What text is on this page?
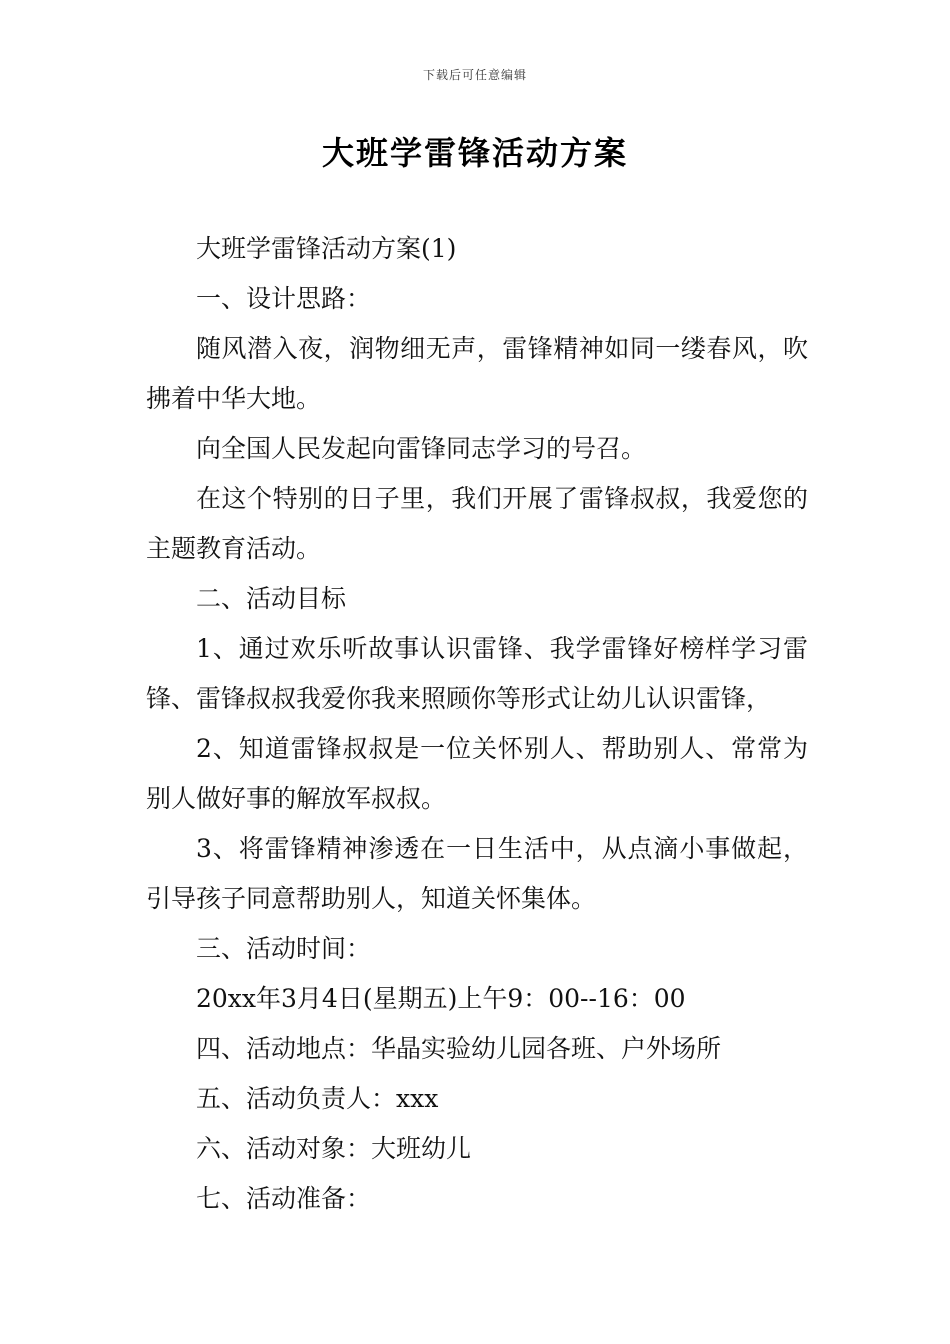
下载后可任意编辑
大班学雷锋活动方案

大班学雷锋活动方案(1)

一、设计思路：

随风潜入夜，润物细无声，雷锋精神如同一缕春风，吹拂着中华大地。

向全国人民发起向雷锋同志学习的号召。

在这个特别的日子里，我们开展了雷锋叔叔，我爱您的主题教育活动。

二、活动目标

1、通过欢乐听故事认识雷锋、我学雷锋好榜样学习雷锋、雷锋叔叔我爱你我来照顾你等形式让幼儿认识雷锋，

2、知道雷锋叔叔是一位关怀别人、帮助别人、常常为别人做好事的解放军叔叔。

3、将雷锋精神渗透在一日生活中，从点滴小事做起，引导孩子同意帮助别人，知道关怀集体。

三、活动时间：

20xx年3月4日(星期五)上午9：00--16：00

四、活动地点：华晶实验幼儿园各班、户外场所

五、活动负责人：xxx

六、活动对象：大班幼儿

七、活动准备：
